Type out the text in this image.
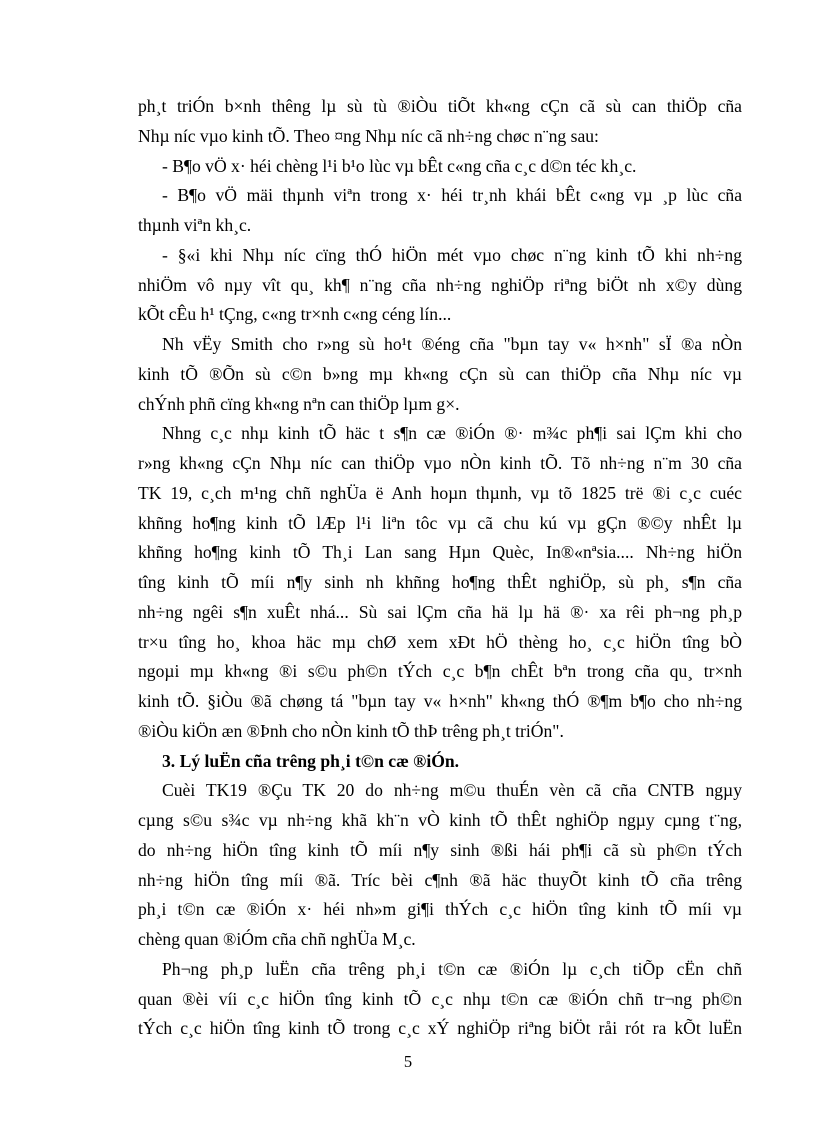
ph¸t triÓn b×nh thêng lµ sù tù ®iÒu tiÕt kh«ng cÇn cã sù can thiÖp cña
Nhµ níc vµo kinh tÕ. Theo ¤ng Nhµ níc cã nh÷ng chøc n¨ng sau:
- B¶o vÖ x· héi chèng l¹i b¹o lùc vµ bÊt c«ng cña c¸c d©n téc kh¸c.
- B¶o vÖ mäi thµnh viªn trong x· héi tr¸nh khái bÊt c«ng vµ ¸p lùc cña
thµnh viªn kh¸c.
- §«i khi Nhµ níc cïng thÓ hiÖn mét vµo chøc n¨ng kinh tÕ khi nh÷ng
nhiÖm vô nµy vît qu¸ kh¶ n¨ng cña nh÷ng nghiÖp riªng biÖt nh x©y dùng
kÕt cÊu h¹ tÇng, c«ng tr×nh c«ng céng lín...
Nh vËy Smith cho r»ng sù ho¹t ®éng cña "bµn tay v« h×nh" sÏ ®a nÒn
kinh tÕ ®Õn sù c©n b»ng mµ kh«ng cÇn sù can thiÖp cña Nhµ níc vµ
chÝnh phñ cïng kh«ng nªn can thiÖp lµm g×.
Nhng c¸c nhµ kinh tÕ häc t s¶n cæ ®iÓn ®· m¾c ph¶i sai lÇm khi cho
r»ng kh«ng cÇn Nhµ níc can thiÖp vµo nÒn kinh tÕ. Tõ nh÷ng n¨m 30 cña
TK 19, c¸ch m¹ng chñ nghÜa ë Anh hoµn thµnh, vµ tõ 1825 trë ®i c¸c cuéc
khñng ho¶ng kinh tÕ lÆp l¹i liªn tôc vµ cã chu kú vµ gÇn ®©y nhÊt lµ
khñng ho¶ng kinh tÕ Th¸i Lan sang Hµn Quèc, In®«nªsia.... Nh÷ng hiÖn
tîng kinh tÕ míi n¶y sinh nh khñng ho¶ng thÊt nghiÖp, sù ph¸ s¶n cña
nh÷ng ngêi s¶n xuÊt nhá... Sù sai lÇm cña hä lµ hä ®· xa rêi ph¬ng ph¸p
tr×u tîng ho¸ khoa häc mµ chØ xem xÐt hÖ thèng ho¸ c¸c hiÖn tîng bÒ
ngoµi mµ kh«ng ®i s©u ph©n tÝch c¸c b¶n chÊt bªn trong cña qu¸ tr×nh
kinh tÕ. §iÒu ®ã chøng tá "bµn tay v« h×nh" kh«ng thÓ ®¶m b¶o cho nh÷ng
®iÒu kiÖn æn ®Þnh cho nÒn kinh tÕ thÞ trêng ph¸t triÓn".
3. Lý luËn cña trêng ph¸i t©n cæ ®iÓn.
Cuèi TK19 ®Çu TK 20 do nh÷ng m©u thuÉn vèn cã cña CNTB ngµy
cµng s©u s¾c vµ nh÷ng khã kh¨n vÒ kinh tÕ thÊt nghiÖp ngµy cµng t¨ng,
do nh÷ng hiÖn tîng kinh tÕ míi n¶y sinh ®ßi hái ph¶i cã sù ph©n tÝch
nh÷ng hiÖn tîng míi ®ã. Tríc bèi c¶nh ®ã häc thuyÕt kinh tÕ cña trêng
ph¸i t©n cæ ®iÓn x· héi nh»m gi¶i thÝch c¸c hiÖn tîng kinh tÕ míi vµ
chèng quan ®iÓm cña chñ nghÜa M¸c.
Ph¬ng ph¸p luËn cña trêng ph¸i t©n cæ ®iÓn lµ c¸ch tiÕp cËn chñ
quan ®èi víi c¸c hiÖn tîng kinh tÕ c¸c nhµ t©n cæ ®iÓn chñ tr¬ng ph©n
tÝch c¸c hiÖn tîng kinh tÕ trong c¸c xÝ nghiÖp riªng biÖt råi rót ra kÕt luËn
5
